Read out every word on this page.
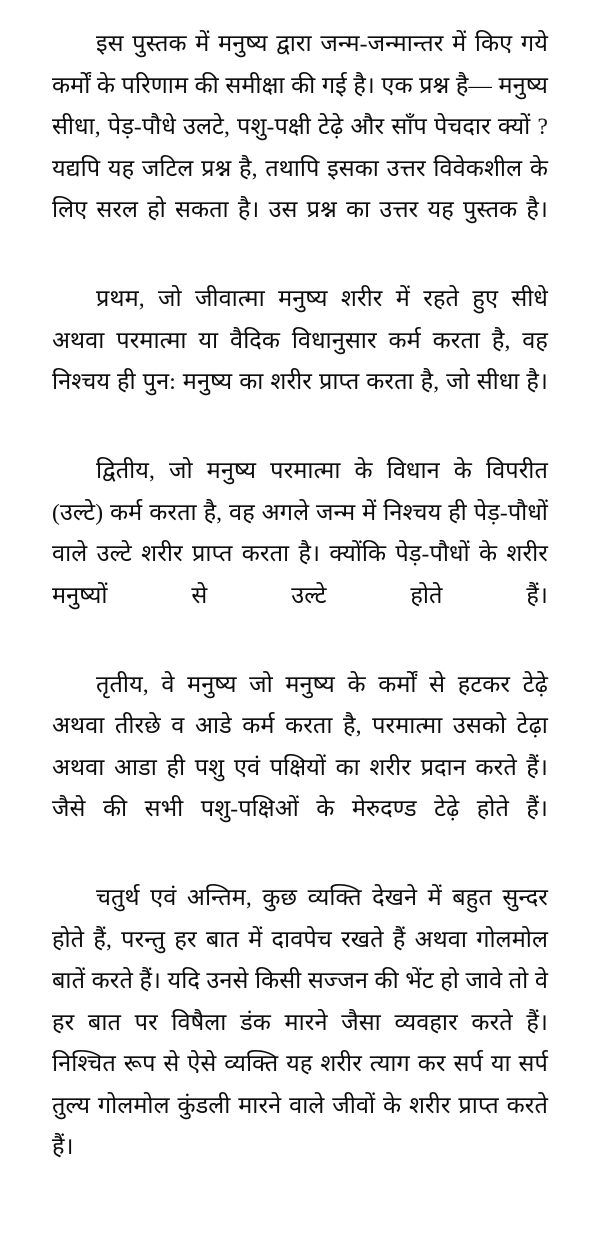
इस पुस्तक में मनुष्य द्वारा जन्म-जन्मान्तर में किए गये कर्मों के परिणाम की समीक्षा की गई है। एक प्रश्न है— मनुष्य सीधा, पेड़-पौधे उलटे, पशु-पक्षी टेढ़े और साँप पेचदार क्यों ? यद्यपि यह जटिल प्रश्न है, तथापि इसका उत्तर विवेकशील के लिए सरल हो सकता है। उस प्रश्न का उत्तर यह पुस्तक है।

प्रथम, जो जीवात्मा मनुष्य शरीर में रहते हुए सीधे अथवा परमात्मा या वैदिक विधानुसार कर्म करता है, वह निश्चय ही पुन: मनुष्य का शरीर प्राप्त करता है, जो सीधा है।

द्वितीय, जो मनुष्य परमात्मा के विधान के विपरीत (उल्टे) कर्म करता है, वह अगले जन्म में निश्चय ही पेड़-पौधों वाले उल्टे शरीर प्राप्त करता है। क्योंकि पेड़-पौधों के शरीर मनुष्यों से उल्टे होते हैं।

तृतीय, वे मनुष्य जो मनुष्य के कर्मों से हटकर टेढ़े अथवा तीरछे व आडे कर्म करता है, परमात्मा उसको टेढ़ा अथवा आडा ही पशु एवं पक्षियों का शरीर प्रदान करते हैं। जैसे की सभी पशु-पक्षिओं के मेरुदण्ड टेढ़े होते हैं।

चतुर्थ एवं अन्तिम, कुछ व्यक्ति देखने में बहुत सुन्दर होते हैं, परन्तु हर बात में दावपेच रखते हैं अथवा गोलमोल बातें करते हैं। यदि उनसे किसी सज्जन की भेंट हो जावे तो वे हर बात पर विषैला डंक मारने जैसा व्यवहार करते हैं। निश्चित रूप से ऐसे व्यक्ति यह शरीर त्याग कर सर्प या सर्प तुल्य गोलमोल कुंडली मारने वाले जीवों के शरीर प्राप्त करते हैं।
